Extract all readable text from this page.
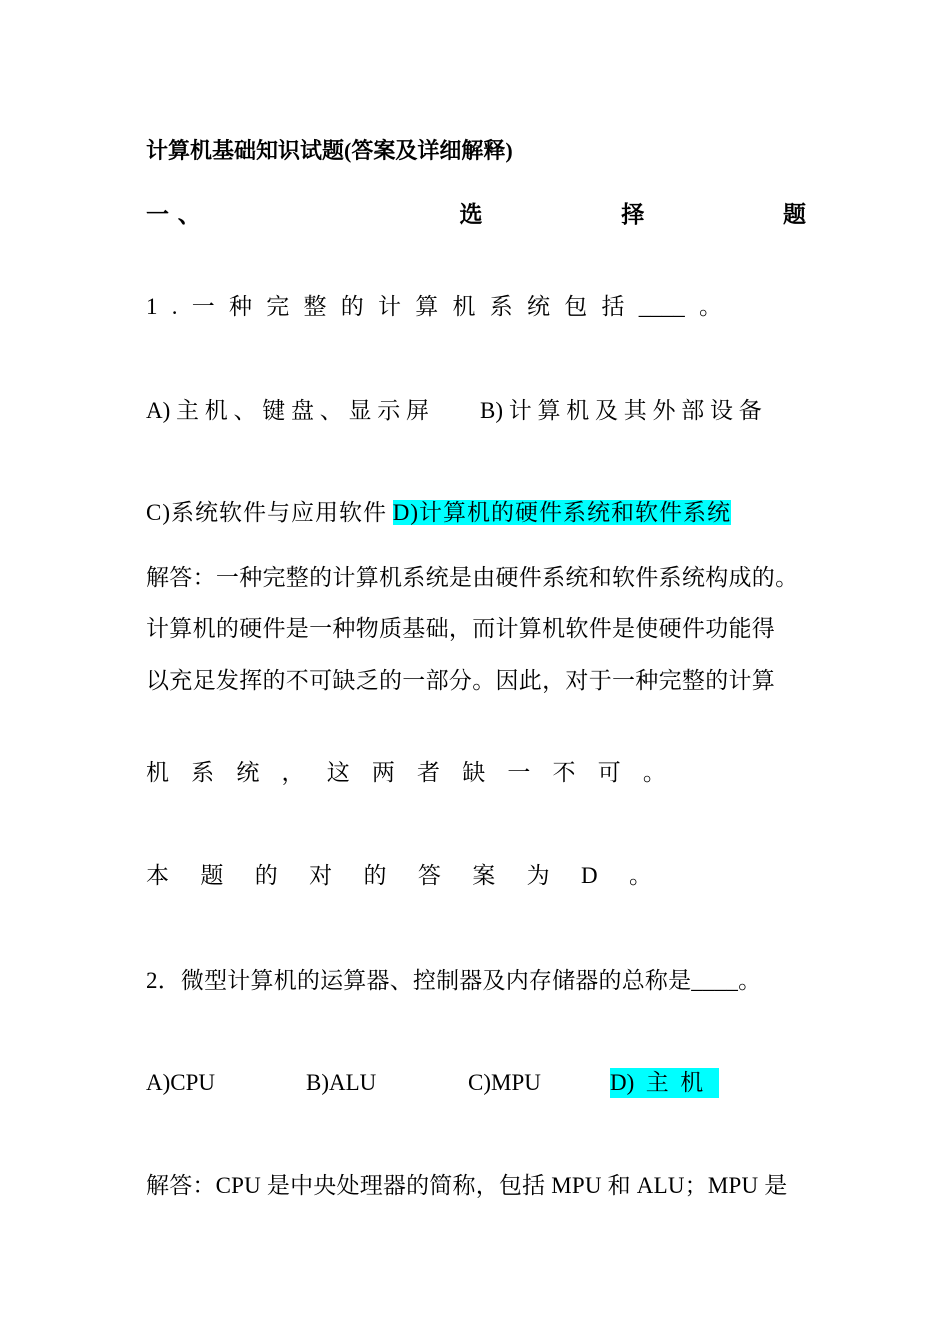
计算机基础知识试题(答案及详细解释)
一 、	选	择	题
1 . 一 种 完 整 的 计 算 机 系 统 包 括 ____ 。
A) 主 机 、 键 盘 、 显 示 屏 B) 计 算 机 及 其 外 部 设 备
C)系统软件与应用软件 D)计算机的硬件系统和软件系统
解答：一种完整的计算机系统是由硬件系统和软件系统构成的。
计算机的硬件是一种物质基础，而计算机软件是使硬件功能得
以充足发挥的不可缺乏的一部分。因此，对于一种完整的计算
机 系 统 ， 这 两 者 缺 一 不 可 。
本 题 的 对 的 答 案 为 D 。
2．微型计算机的运算器、控制器及内存储器的总称是____。
A)CPU	B)ALU	C)MPU	D)  主  机
解答：CPU 是中央处理器的简称，包括 MPU 和 ALU；MPU 是
